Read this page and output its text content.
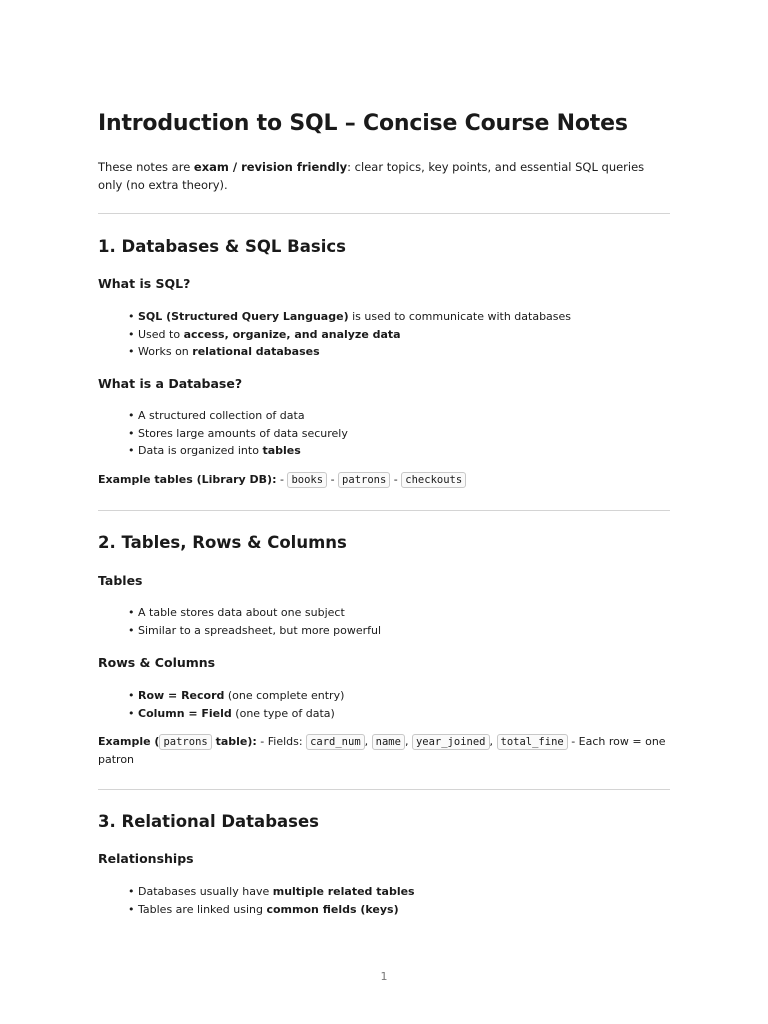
Introduction to SQL – Concise Course Notes

These notes are exam / revision friendly: clear topics, key points, and essential SQL queries only (no extra theory).

1. Databases & SQL Basics
What is SQL?
• SQL (Structured Query Language) is used to communicate with databases
• Used to access, organize, and analyze data
• Works on relational databases
What is a Database?
• A structured collection of data
• Stores large amounts of data securely
• Data is organized into tables

Example tables (Library DB): - books - patrons - checkouts

2. Tables, Rows & Columns
Tables
• A table stores data about one subject
• Similar to a spreadsheet, but more powerful
Rows & Columns
• Row = Record (one complete entry)
• Column = Field (one type of data)

Example ( patrons table): - Fields: card_num , name , year_joined , total_fine - Each row = one patron

3. Relational Databases
Relationships
• Databases usually have multiple related tables
• Tables are linked using common fields (keys)
1
